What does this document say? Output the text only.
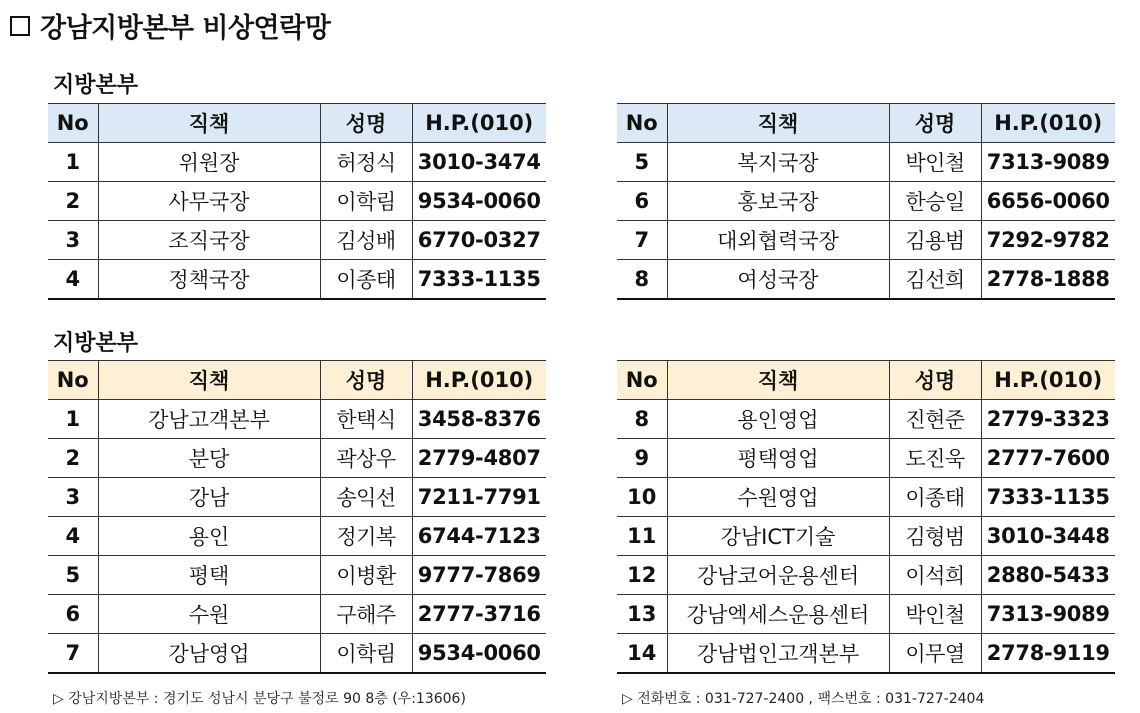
강남지방본부 비상연락망
지방본부
지방본부
No	직책	성명	H.P.(010)
1	위원장	허정식	3010-3474
2	사무국장	이학림	9534-0060
3	조직국장	김성배	6770-0327
4	정책국장	이종태	7333-1135
No	직책	성명	H.P.(010)
5	복지국장	박인철	7313-9089
6	홍보국장	한승일	6656-0060
7	대외협력국장	김용범	7292-9782
8	여성국장	김선희	2778-1888
No	직책	성명	H.P.(010)
1	강남고객본부	한택식	3458-8376
2	분당	곽상우	2779-4807
3	강남	송익선	7211-7791
4	용인	정기복	6744-7123
5	평택	이병환	9777-7869
6	수원	구해주	2777-3716
7	강남영업	이학림	9534-0060
No	직책	성명	H.P.(010)
8	용인영업	진현준	2779-3323
9	평택영업	도진욱	2777-7600
10	수원영업	이종태	7333-1135
11	강남ICT기술	김형범	3010-3448
12	강남코어운용센터	이석희	2880-5433
13	강남엑세스운용센터	박인철	7313-9089
14	강남법인고객본부	이무열	2778-9119
▷ 강남지방본부 : 경기도 성남시 분당구 불정로 90 8층 (우:13606)	▷ 전화번호 : 031-727-2400 , 팩스번호 : 031-727-2404
